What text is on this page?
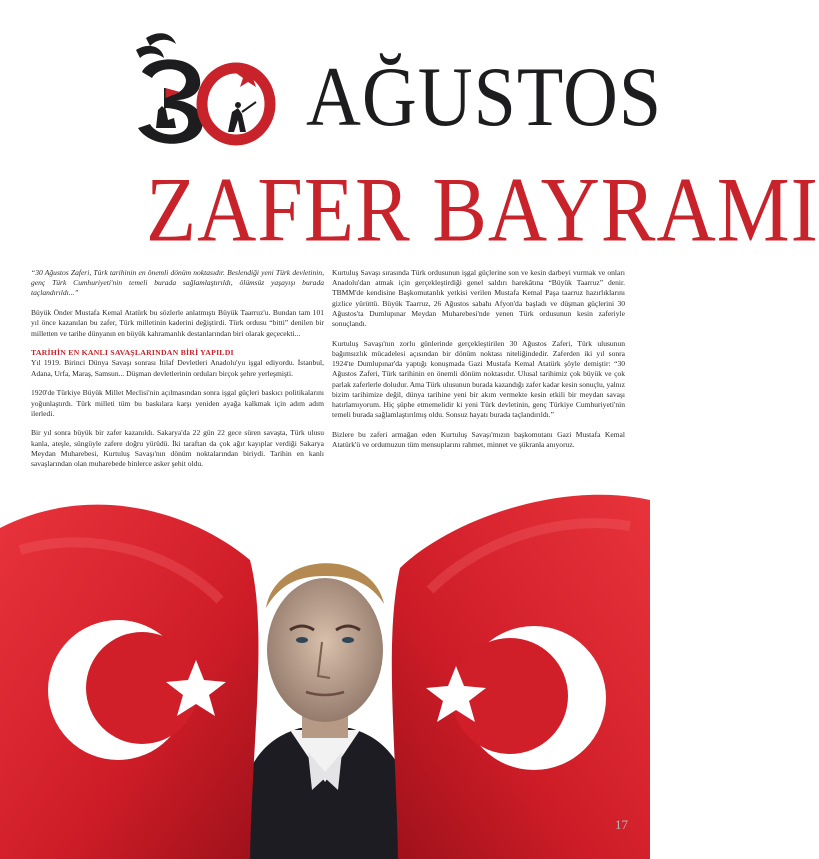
AĞUSTOS
ZAFER BAYRAMI

“30 Ağustos Zaferi, Türk tarihinin en önemli dönüm noktasıdır. Beslendiği yeni Türk devletinin, genç Türk Cumhuriyeti'nin temeli burada sağlamlaştırıldı, ölümsüz yaşayışı burada taçlandırıldı...”

Büyük Önder Mustafa Kemal Atatürk bu sözlerle anlatmıştı Büyük Taarruz'u. Bundan tam 101 yıl önce kazanılan bu zafer, Türk milletinin kaderini değiştirdi. Türk ordusu “bitti” denilen bir milletten ve tarihe dünyanın en büyük kahramanlık destanlarından biri olarak geçecekti...

TARİHİN EN KANLI SAVAŞLARINDAN BİRİ YAPILDI

Yıl 1919. Birinci Dünya Savaşı sonrası İtilaf Devletleri Anadolu'yu işgal ediyordu. İstanbul, Adana, Urfa, Maraş, Samsun... Düşman devletlerinin orduları birçok şehre yerleşmişti.

1920'de Türkiye Büyük Millet Meclisi'nin açılmasından sonra işgal güçleri baskıcı politikalarını yoğunlaştırdı. Türk milleti tüm bu baskılara karşı yeniden ayağa kalkmak için adım adım ilerledi.

Bir yıl sonra büyük bir zafer kazanıldı. Sakarya'da 22 gün 22 gece süren savaşta, Türk ulusu kanla, ateşle, süngüyle zafere doğru yürüdü. İki taraftan da çok ağır kayıplar verdiği Sakarya Meydan Muharebesi, Kurtuluş Savaşı'nın dönüm noktalarından biriydi. Tarihin en kanlı savaşlarından olan muharebede binlerce asker şehit oldu.

Kurtuluş Savaşı sırasında Türk ordusunun işgal güçlerine son ve kesin darbeyi vurmak ve onları Anadolu'dan atmak için gerçekleştirdiği genel saldırı harekâtına “Büyük Taarruz” denir. TBMM'de kendisine Başkomutanlık yetkisi verilen Mustafa Kemal Paşa taarruz hazırlıklarını gizlice yürüttü. Büyük Taarruz, 26 Ağustos sabahı Afyon'da başladı ve düşman güçlerini 30 Ağustos'ta Dumlupınar Meydan Muharebesi'nde yenen Türk ordusunun kesin zaferiyle sonuçlandı.

Kurtuluş Savaşı'nın zorlu günlerinde gerçekleştirilen 30 Ağustos Zaferi, Türk ulusunun bağımsızlık mücadelesi açısından bir dönüm noktası niteliğindedir. Zaferden iki yıl sonra 1924'te Dumlupınar'da yaptığı konuşmada Gazi Mustafa Kemal Atatürk şöyle demiştir: “30 Ağustos Zaferi, Türk tarihinin en önemli dönüm noktasıdır. Ulusal tarihimiz çok büyük ve çok parlak zaferlerle doludur. Ama Türk ulusunun burada kazandığı zafer kadar kesin sonuçlu, yalnız bizim tarihimize değil, dünya tarihine yeni bir akım vermekte kesin etkili bir meydan savaşı hatırlamıyorum. Hiç şüphe etmemelidir ki yeni Türk devletinin, genç Türkiye Cumhuriyeti'nin temeli burada sağlamlaştırılmış oldu. Sonsuz hayatı burada taçlandırıldı.”

Bizlere bu zaferi armağan eden Kurtuluş Savaşı'mızın başkomutanı Gazi Mustafa Kemal Atatürk'ü ve ordumuzun tüm mensuplarını rahmet, minnet ve şükranla anıyoruz.

17
